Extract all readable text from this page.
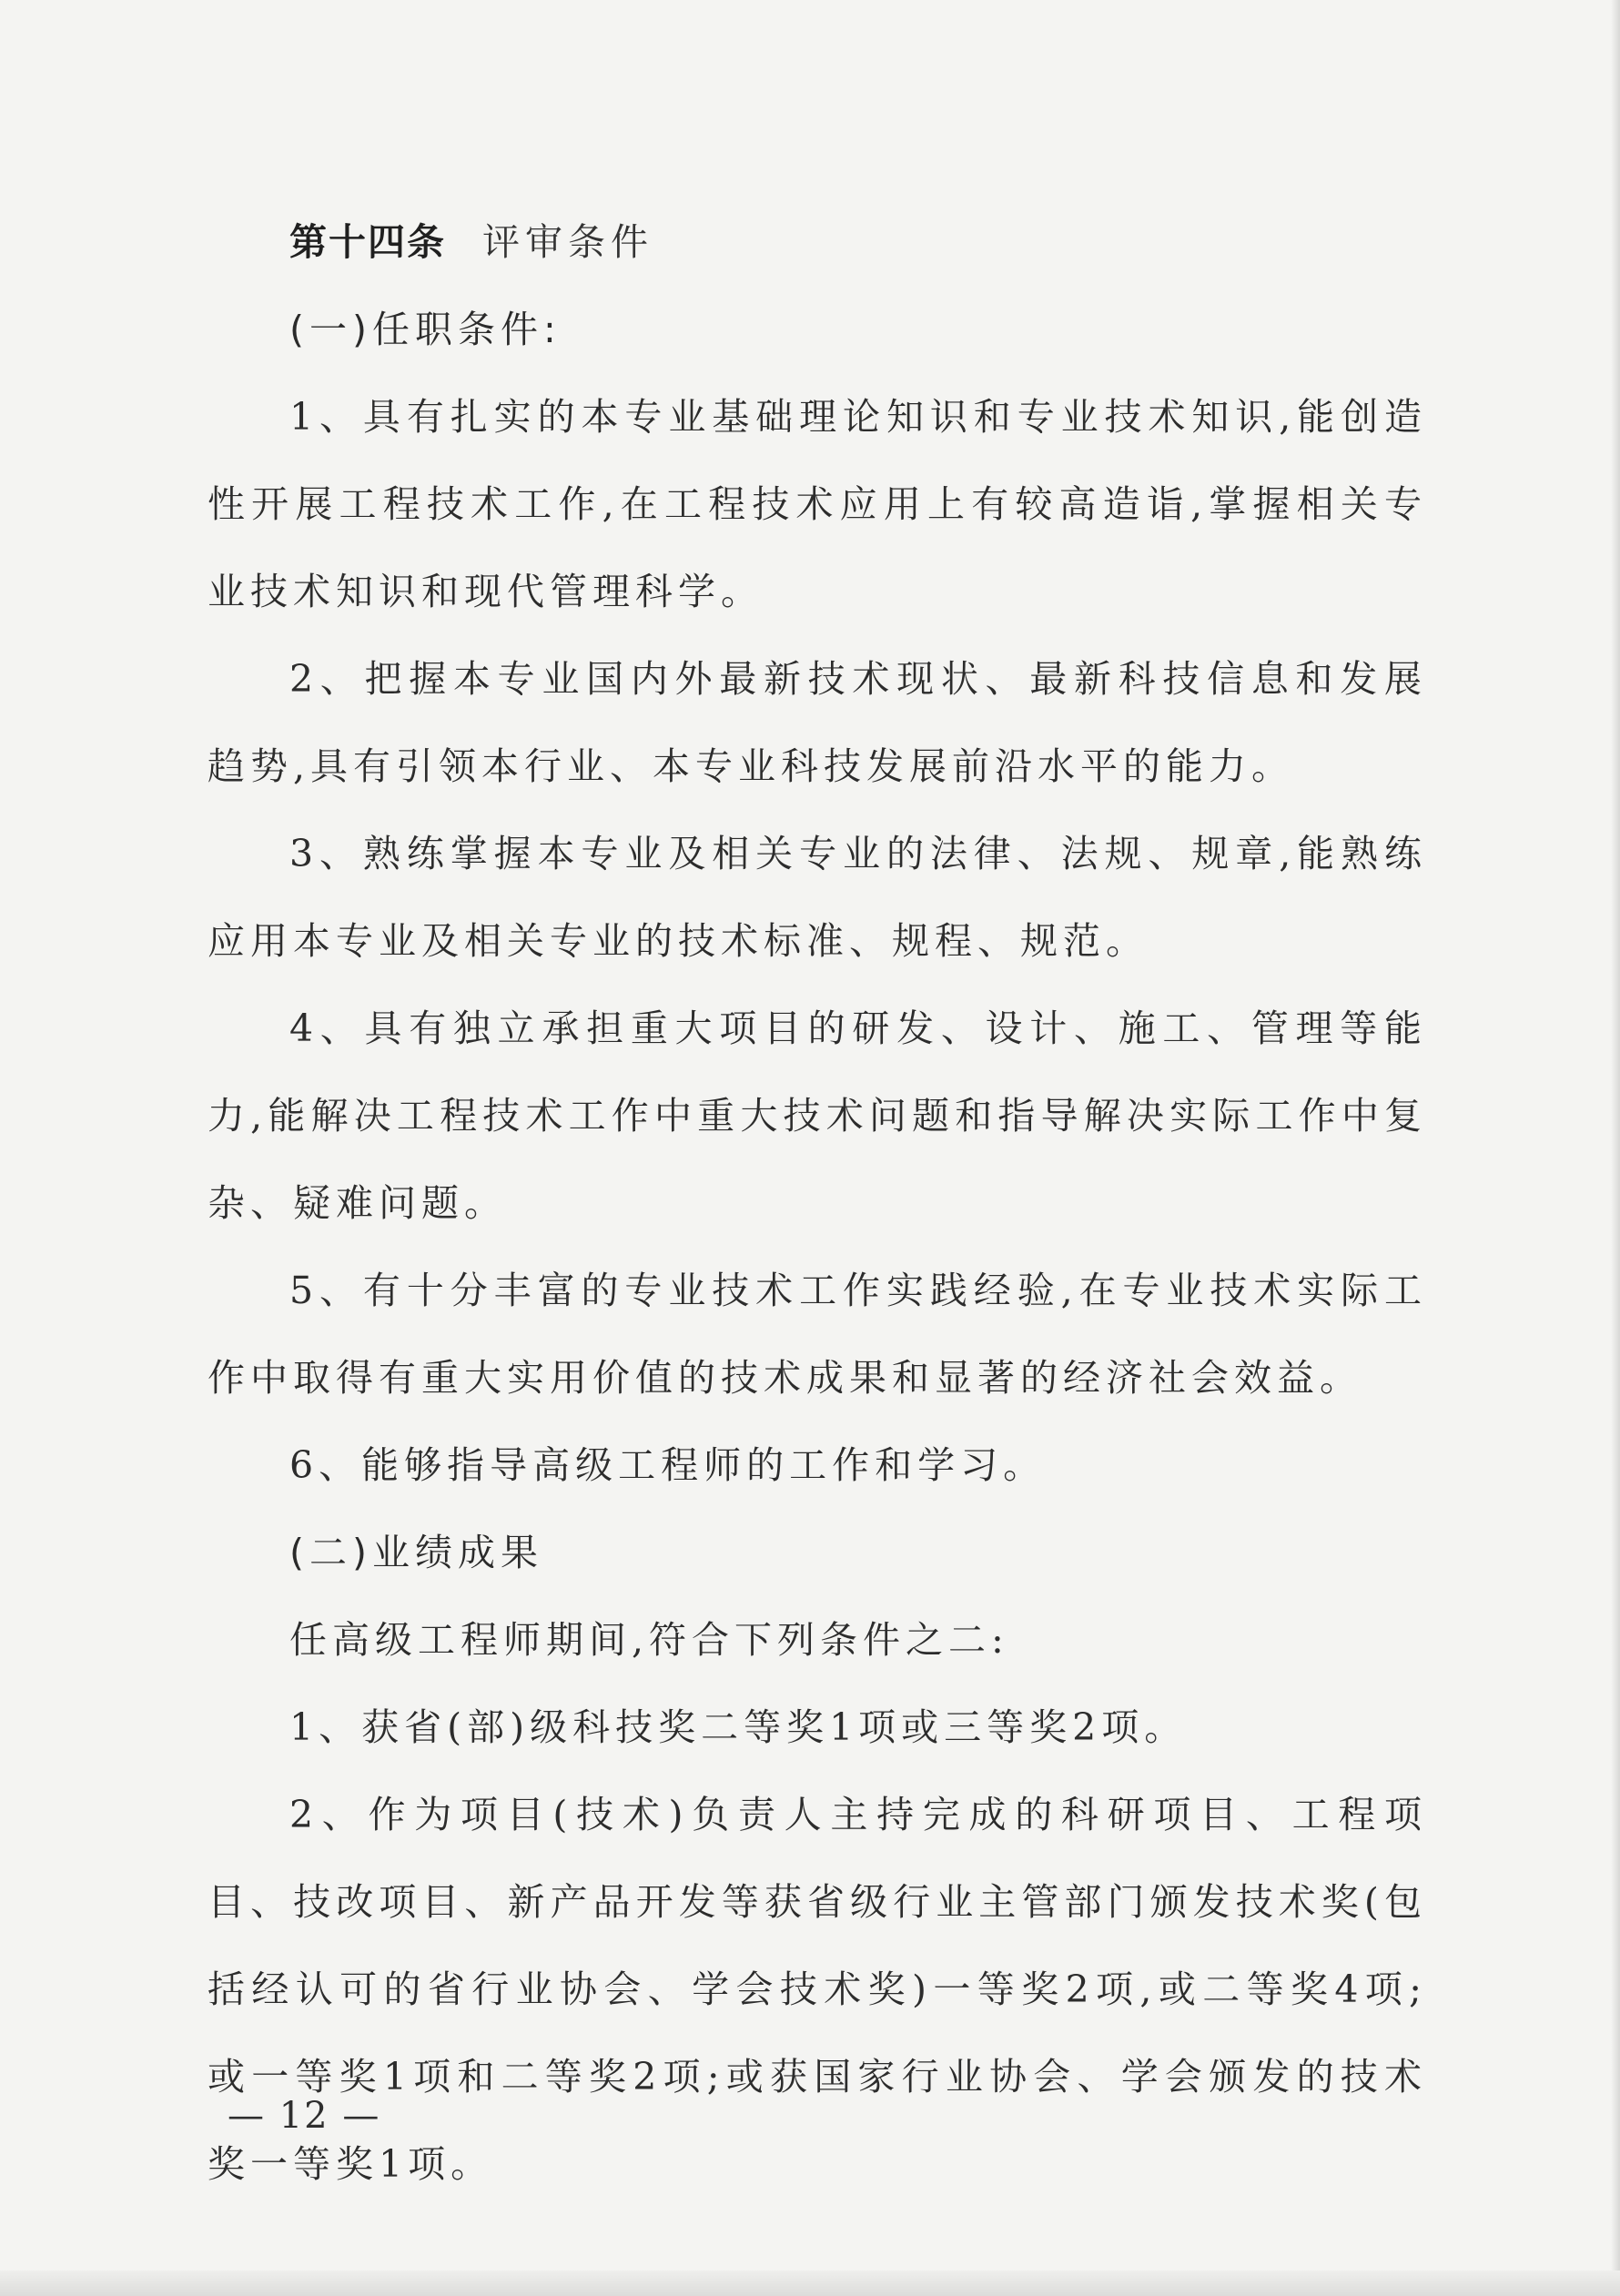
第十四条 评审条件

(一)任职条件:

1、具有扎实的本专业基础理论知识和专业技术知识,能创造性开展工程技术工作,在工程技术应用上有较高造诣,掌握相关专业技术知识和现代管理科学。

2、把握本专业国内外最新技术现状、最新科技信息和发展趋势,具有引领本行业、本专业科技发展前沿水平的能力。

3、熟练掌握本专业及相关专业的法律、法规、规章,能熟练应用本专业及相关专业的技术标准、规程、规范。

4、具有独立承担重大项目的研发、设计、施工、管理等能力,能解决工程技术工作中重大技术问题和指导解决实际工作中复杂、疑难问题。

5、有十分丰富的专业技术工作实践经验,在专业技术实际工作中取得有重大实用价值的技术成果和显著的经济社会效益。

6、能够指导高级工程师的工作和学习。

(二)业绩成果

任高级工程师期间,符合下列条件之二:

1、获省(部)级科技奖二等奖1项或三等奖2项。

2、作为项目(技术)负责人主持完成的科研项目、工程项目、技改项目、新产品开发等获省级行业主管部门颁发技术奖(包括经认可的省行业协会、学会技术奖)一等奖2项,或二等奖4项;或一等奖1项和二等奖2项;或获国家行业协会、学会颁发的技术奖一等奖1项。

— 12 —
